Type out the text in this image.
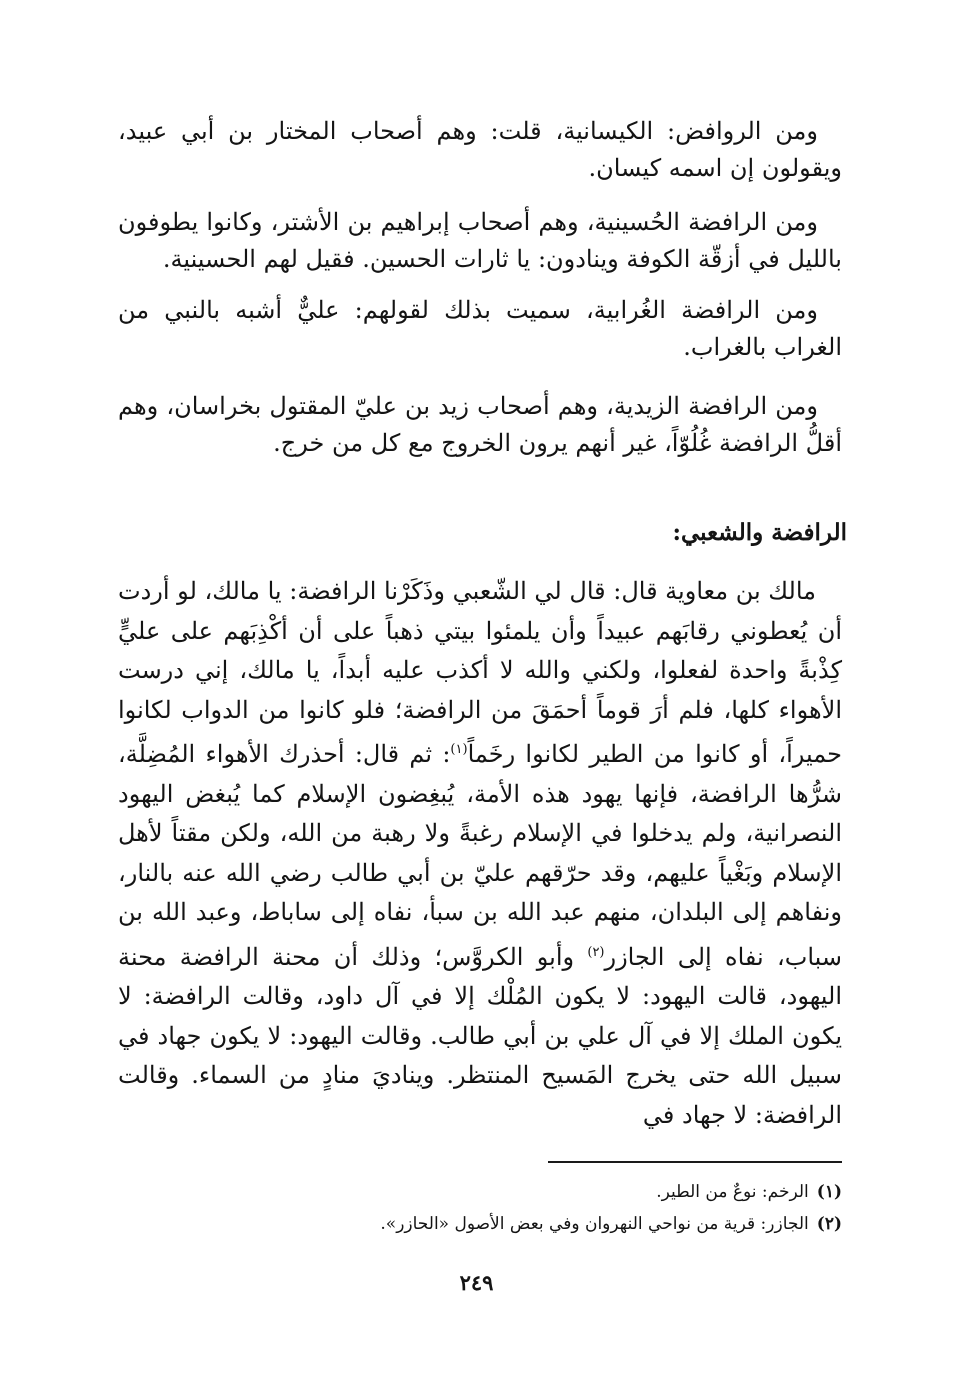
ومن الروافض: الكيسانية، قلت: وهم أصحاب المختار بن أبي عبيد، ويقولون إن اسمه كيسان.

ومن الرافضة الحُسينية، وهم أصحاب إبراهيم بن الأشتر، وكانوا يطوفون بالليل في أزقّة الكوفة وينادون: يا ثارات الحسين. فقيل لهم الحسينية.

ومن الرافضة الغُرابية، سميت بذلك لقولهم: عليٌّ أشبه بالنبي من الغراب بالغراب.

ومن الرافضة الزيدية، وهم أصحاب زيد بن عليّ المقتول بخراسان، وهم أقلُّ الرافضة غُلُوّاً، غير أنهم يرون الخروج مع كل من خرج.

الرافضة والشعبي:

مالك بن معاوية قال: قال لي الشّعبي وذَكَرْنا الرافضة: يا مالك، لو أردت أن يُعطوني رقابَهم عبيداً وأن يلمئوا بيتي ذهباً على أن أكْذِبَهم على عليٍّ كِذْبةً واحدة لفعلوا، ولكني والله لا أكذب عليه أبداً، يا مالك، إني درست الأهواء كلها، فلم أرَ قوماً أحمَقَ من الرافضة؛ فلو كانوا من الدواب لكانوا حميراً، أو كانوا من الطير لكانوا رخَماً$^{(١)}$: ثم قال: أحذرك الأهواء المُضِلَّة، شرُّها الرافضة، فإنها يهود هذه الأمة، يُبغِضون الإسلام كما يُبغض اليهود النصرانية، ولم يدخلوا في الإسلام رغبةً ولا رهبة من الله، ولكن مقتاً لأهل الإسلام وبَغْياً عليهم، وقد حرّقهم عليّ بن أبي طالب رضي الله عنه بالنار، ونفاهم إلى البلدان، منهم عبد الله بن سبأ، نفاه إلى ساباط، وعبد الله بن سباب، نفاه إلى الجازر$^{(٢)}$ وأبو الكروَّس؛ وذلك أن محنة الرافضة محنة اليهود، قالت اليهود: لا يكون المُلْك إلا في آل داود، وقالت الرافضة: لا يكون الملك إلا في آل علي بن أبي طالب. وقالت اليهود: لا يكون جهاد في سبيل الله حتى يخرج المَسيح المنتظر. ويناديَ منادٍ من السماء. وقالت الرافضة: لا جهاد في

(١)الرخم: نوعٌ من الطير.

(٢)الجازر: قرية من نواحي النهروان وفي بعض الأصول «الحازر».

٢٤٩
